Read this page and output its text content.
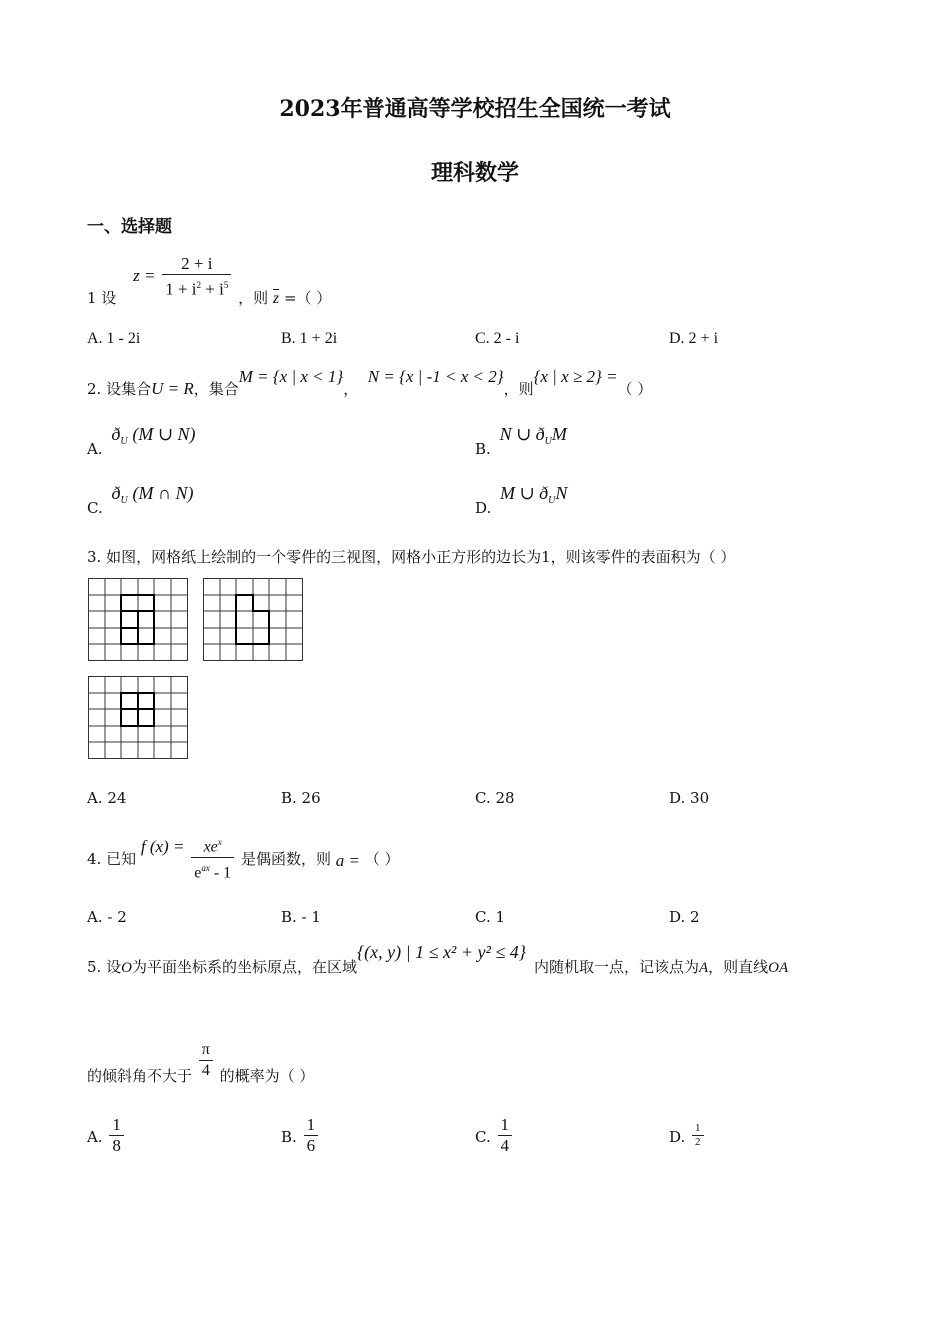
2023年普通高等学校招生全国统一考试
理科数学
一、选择题
1 设 $z = \frac{2 + i}{1 + i^2 + i^5}$ ，则 $\overline{z}$ =（ ）
A. 1 - 2i	B. 1 + 2i	C. 2 - i	D. 2 + i
2. 设集合U = R，集合M = {x | x < 1}，  N = {x | -1 < x < 2}，则{x | x ≥ 2} =（ ）
A. $ð_U$ (M ∪ N)
B. N ∪ $ð_UM$
C. $ð_U$ (M ∩ N)
D. M ∪ $ð_UN$
3. 如图，网格纸上绘制的一个零件的三视图，网格小正方形的边长为1，则该零件的表面积为（ ）
A. 24	B. 26	C. 28	D. 30
4. 已知 f $(x) = \frac{xe^x}{e^{ax} - 1}$ 是偶函数，则 a = （ ）
A. - 2	B. - 1	C. 1	D. 2
5. 设O为平面坐标系的坐标原点，在区域{(x, y) | 1 ≤ x² + y² ≤ 4}内随机取一点，记该点为A，则直线OA
的倾斜角不大于 $\frac{\pi}{4}$ 的概率为（ ）
A. $\frac{1}{8}$	B. $\frac{1}{6}$	C. $\frac{1}{4}$	D. $\frac{1}{2}$
